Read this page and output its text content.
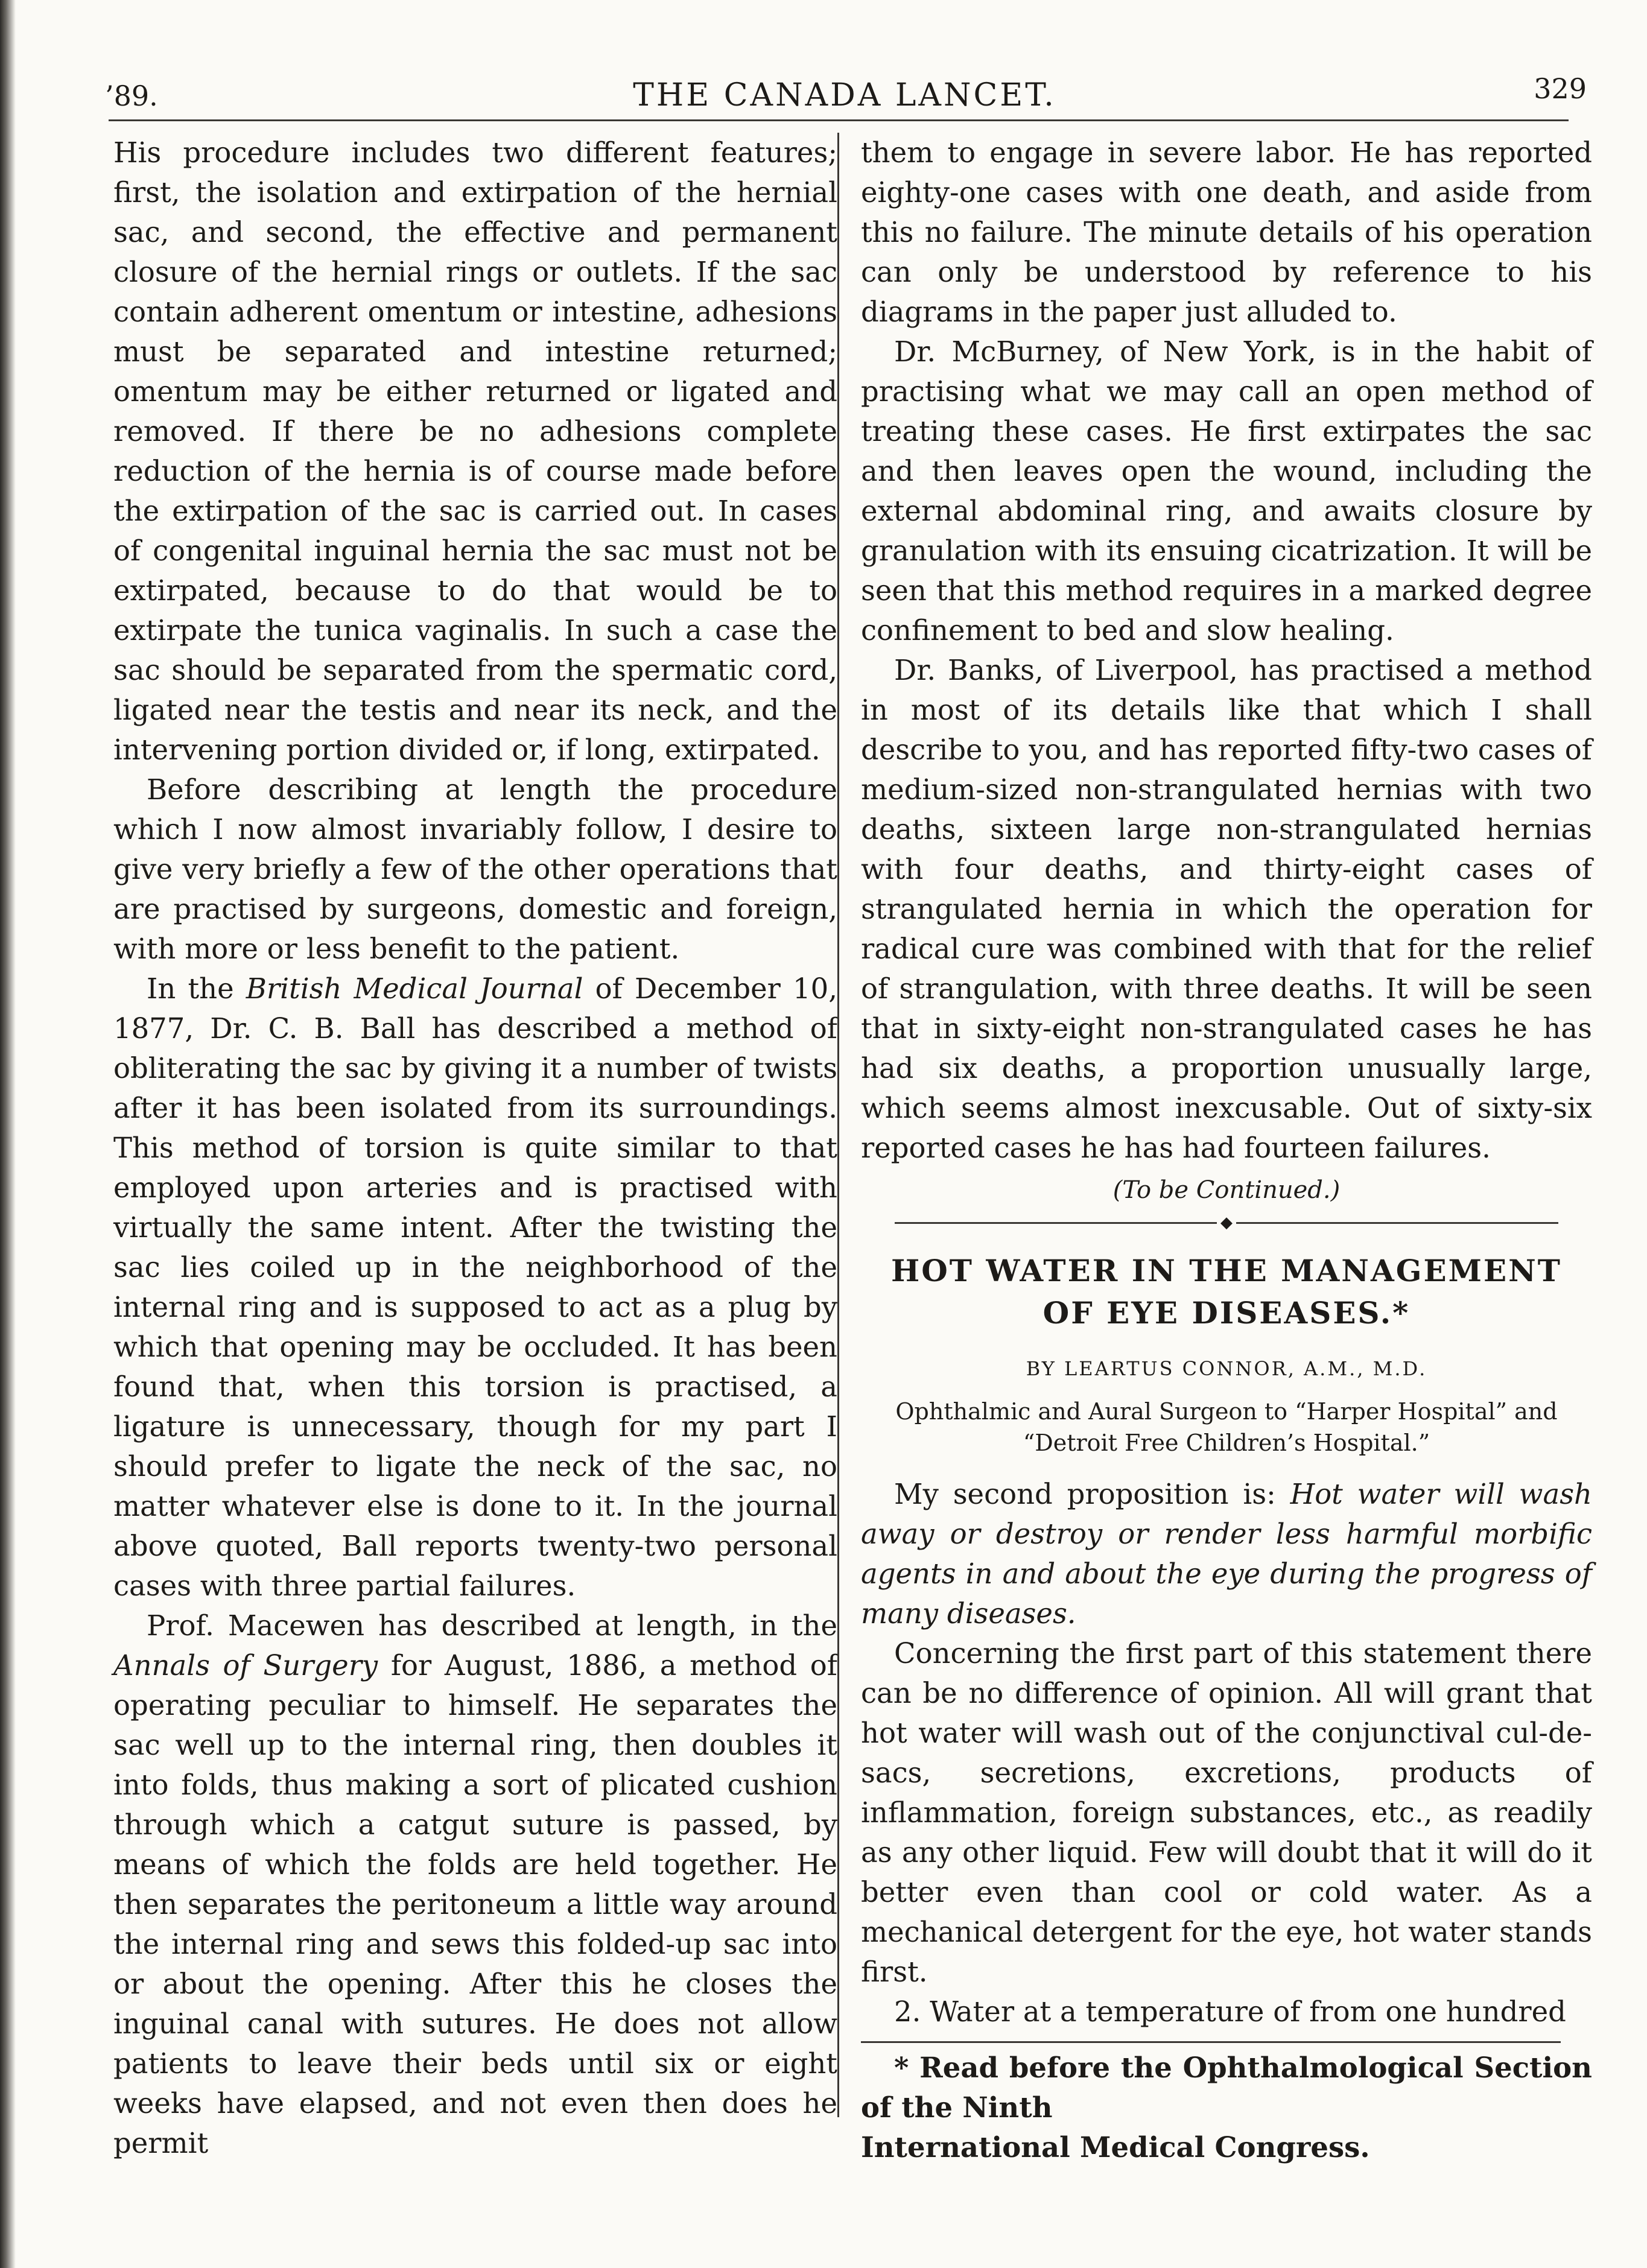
’89.	THE CANADA LANCET.	329

His procedure includes two different features; first, the isolation and extirpation of the hernial sac, and second, the effective and permanent closure of the hernial rings or outlets. If the sac contain adherent omentum or intestine, adhesions must be separated and intestine returned; omentum may be either returned or ligated and removed. If there be no adhesions complete reduction of the hernia is of course made before the extirpation of the sac is carried out. In cases of congenital inguinal hernia the sac must not be extirpated, because to do that would be to extirpate the tunica vaginalis. In such a case the sac should be separated from the spermatic cord, ligated near the testis and near its neck, and the intervening portion divided or, if long, extirpated.

Before describing at length the procedure which I now almost invariably follow, I desire to give very briefly a few of the other operations that are practised by surgeons, domestic and foreign, with more or less benefit to the patient.

In the British Medical Journal of December 10, 1877, Dr. C. B. Ball has described a method of obliterating the sac by giving it a number of twists after it has been isolated from its surroundings. This method of torsion is quite similar to that employed upon arteries and is practised with virtually the same intent. After the twisting the sac lies coiled up in the neighborhood of the internal ring and is supposed to act as a plug by which that opening may be occluded. It has been found that, when this torsion is practised, a ligature is unnecessary, though for my part I should prefer to ligate the neck of the sac, no matter whatever else is done to it. In the journal above quoted, Ball reports twenty-two personal cases with three partial failures.

Prof. Macewen has described at length, in the Annals of Surgery for August, 1886, a method of operating peculiar to himself. He separates the sac well up to the internal ring, then doubles it into folds, thus making a sort of plicated cushion through which a catgut suture is passed, by means of which the folds are held together. He then separates the peritoneum a little way around the internal ring and sews this folded-up sac into or about the opening. After this he closes the inguinal canal with sutures. He does not allow patients to leave their beds until six or eight weeks have elapsed, and not even then does he permit

them to engage in severe labor. He has reported eighty-one cases with one death, and aside from this no failure. The minute details of his operation can only be understood by reference to his diagrams in the paper just alluded to.

Dr. McBurney, of New York, is in the habit of practising what we may call an open method of treating these cases. He first extirpates the sac and then leaves open the wound, including the external abdominal ring, and awaits closure by granulation with its ensuing cicatrization. It will be seen that this method requires in a marked degree confinement to bed and slow healing.

Dr. Banks, of Liverpool, has practised a method in most of its details like that which I shall describe to you, and has reported fifty-two cases of medium-sized non-strangulated hernias with two deaths, sixteen large non-strangulated hernias with four deaths, and thirty-eight cases of strangulated hernia in which the operation for radical cure was combined with that for the relief of strangulation, with three deaths. It will be seen that in sixty-eight non-strangulated cases he has had six deaths, a proportion unusually large, which seems almost inexcusable. Out of sixty-six reported cases he has had fourteen failures.

(To be Continued.)
◆
HOT WATER IN THE MANAGEMENT
OF EYE DISEASES.*
BY LEARTUS CONNOR, A.M., M.D.
Ophthalmic and Aural Surgeon to “Harper Hospital” and
“Detroit Free Children’s Hospital.”

My second proposition is: Hot water will wash away or destroy or render less harmful morbific agents in and about the eye during the progress of many diseases.

Concerning the first part of this statement there can be no difference of opinion. All will grant that hot water will wash out of the conjunctival cul-de-sacs, secretions, excretions, products of inflammation, foreign substances, etc., as readily as any other liquid. Few will doubt that it will do it better even than cool or cold water. As a mechanical detergent for the eye, hot water stands first.

2. Water at a temperature of from one hundred

* Read before the Ophthalmological Section of the Ninth
International Medical Congress.
